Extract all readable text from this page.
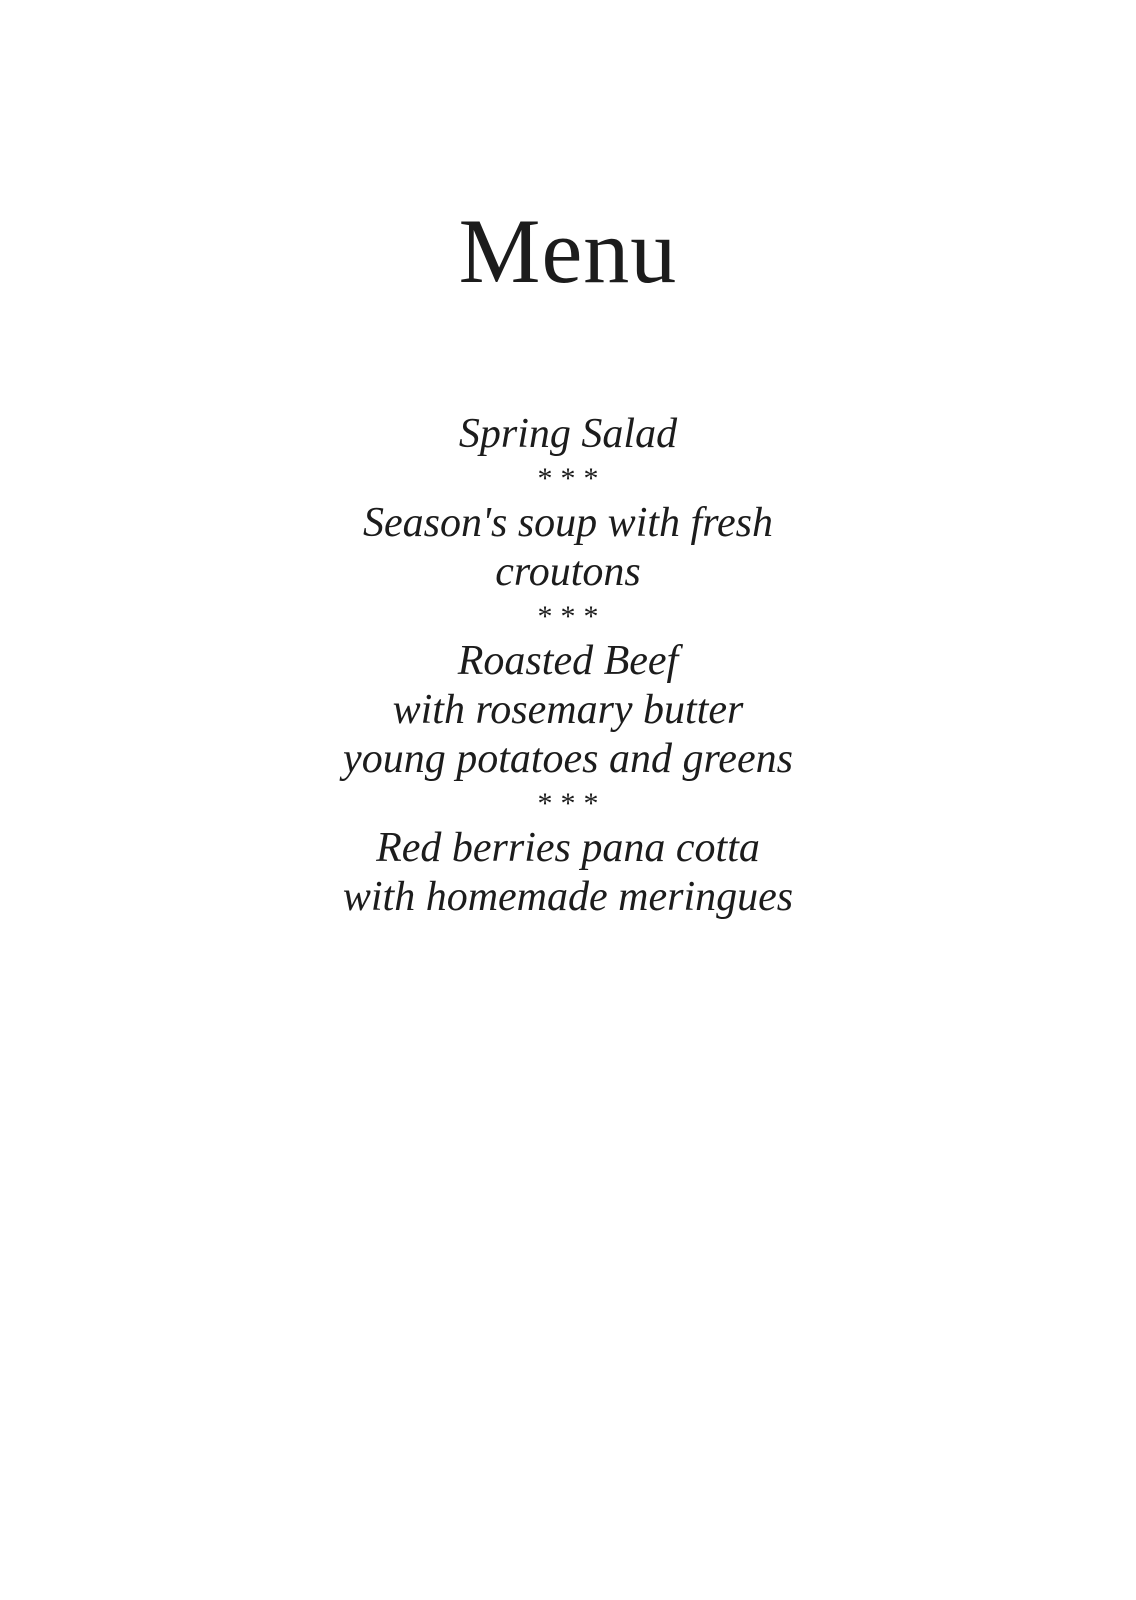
Menu
Spring Salad
***
Season's soup with fresh
croutons
***
Roasted Beef
with rosemary butter
young potatoes and greens
***
Red berries pana cotta
with homemade meringues
